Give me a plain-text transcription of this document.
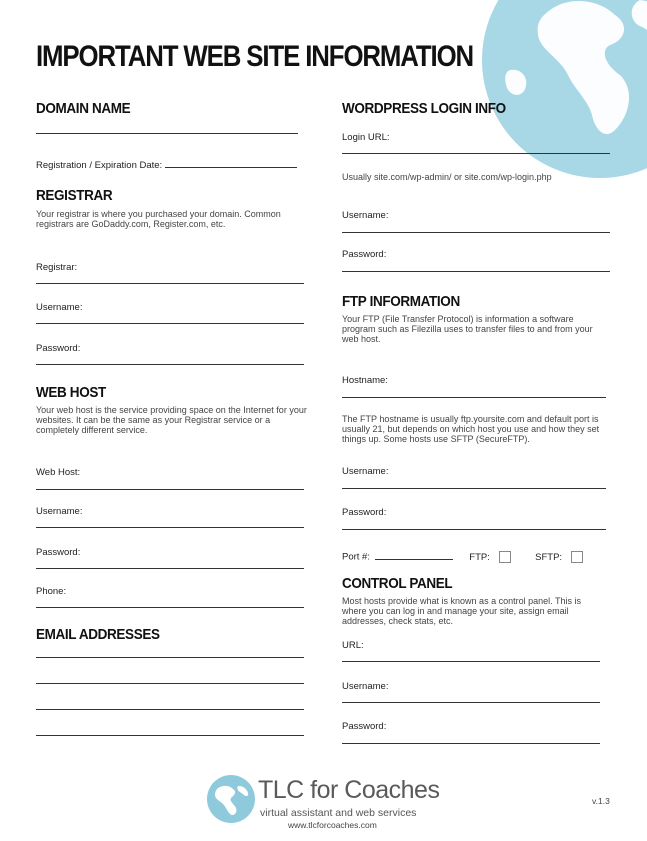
IMPORTANT WEB SITE INFORMATION
DOMAIN NAME
Registration / Expiration Date:
REGISTRAR
Your registrar is where you purchased your domain. Common registrars are GoDaddy.com, Register.com, etc.
Registrar:
Username:
Password:
WEB HOST
Your web host is the service providing space on the Internet for your websites. It can be the same as your Registrar service or a completely different service.
Web Host:
Username:
Password:
Phone:
EMAIL ADDRESSES
WORDPRESS LOGIN INFO
Login URL:
Usually site.com/wp-admin/ or site.com/wp-login.php
Username:
Password:
FTP INFORMATION
Your FTP (File Transfer Protocol) is information a software program such as Filezilla uses to transfer files to and from your web host.
Hostname:
The FTP hostname is usually ftp.yoursite.com and default port is usually 21, but depends on which host you use and how they set things up. Some hosts use SFTP (SecureFTP).
Username:
Password:
Port #:	FTP:	SFTP:
CONTROL PANEL
Most hosts provide what is known as a control panel. This is where you can log in and manage your site, assign email addresses, check stats, etc.
URL:
Username:
Password:
TLC for Coaches
virtual assistant and web services
www.tlcforcoaches.com
v.1.3
